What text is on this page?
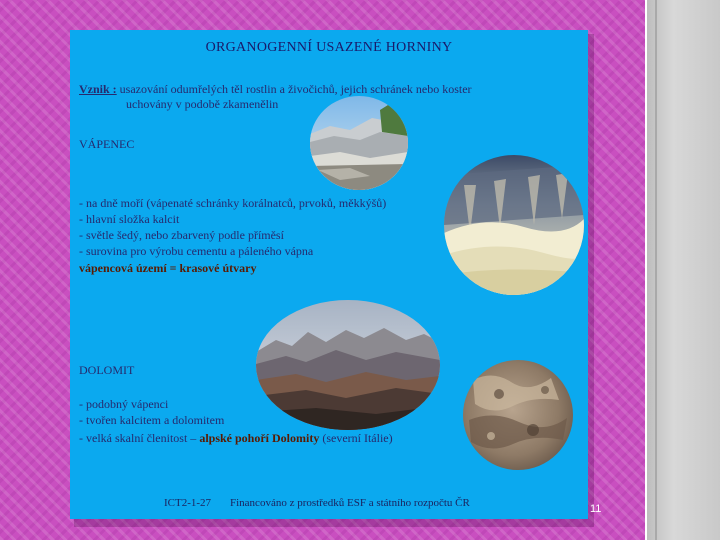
ORGANOGENNÍ USAZENÉ HORNINY
Vznik : usazování odumřelých těl rostlin a živočichů, jejich schránek nebo koster
uchovány v podobě zkamenělin
VÁPENEC
- na dně moří (vápenaté schránky korálnatců, prvoků, měkkýšů)
- hlavní složka kalcit
- světle šedý, nebo zbarvený podle příměsí
- surovina pro výrobu cementu a páleného vápna
vápencová území = krasové útvary
DOLOMIT
- podobný vápenci
- tvořen kalcitem a dolomitem
- velká skalní členitost – alpské pohoří Dolomity (severní Itálie)
ICT2-1-27 Financováno z prostředků ESF a státního rozpočtu ČR	11
